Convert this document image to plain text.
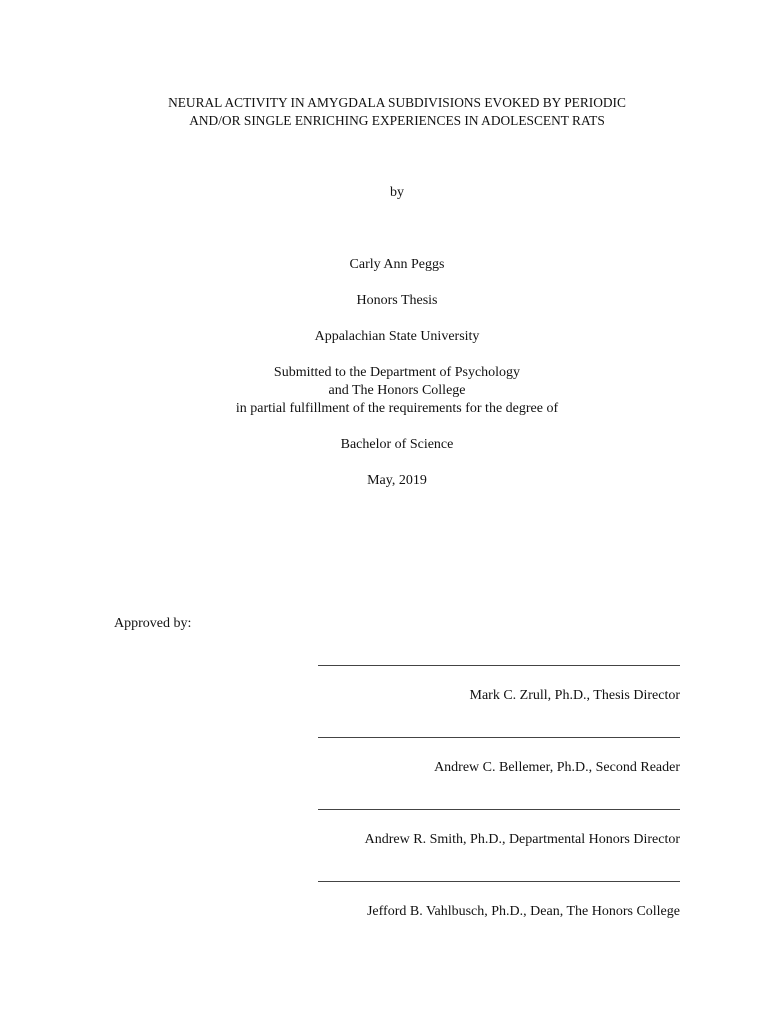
NEURAL ACTIVITY IN AMYGDALA SUBDIVISIONS EVOKED BY PERIODIC
AND/OR SINGLE ENRICHING EXPERIENCES IN ADOLESCENT RATS
by
Carly Ann Peggs
Honors Thesis
Appalachian State University
Submitted to the Department of Psychology
and The Honors College
in partial fulfillment of the requirements for the degree of
Bachelor of Science
May, 2019
Approved by:
Mark C. Zrull, Ph.D., Thesis Director
Andrew C. Bellemer, Ph.D., Second Reader
Andrew R. Smith, Ph.D., Departmental Honors Director
Jefford B. Vahlbusch, Ph.D., Dean, The Honors College
